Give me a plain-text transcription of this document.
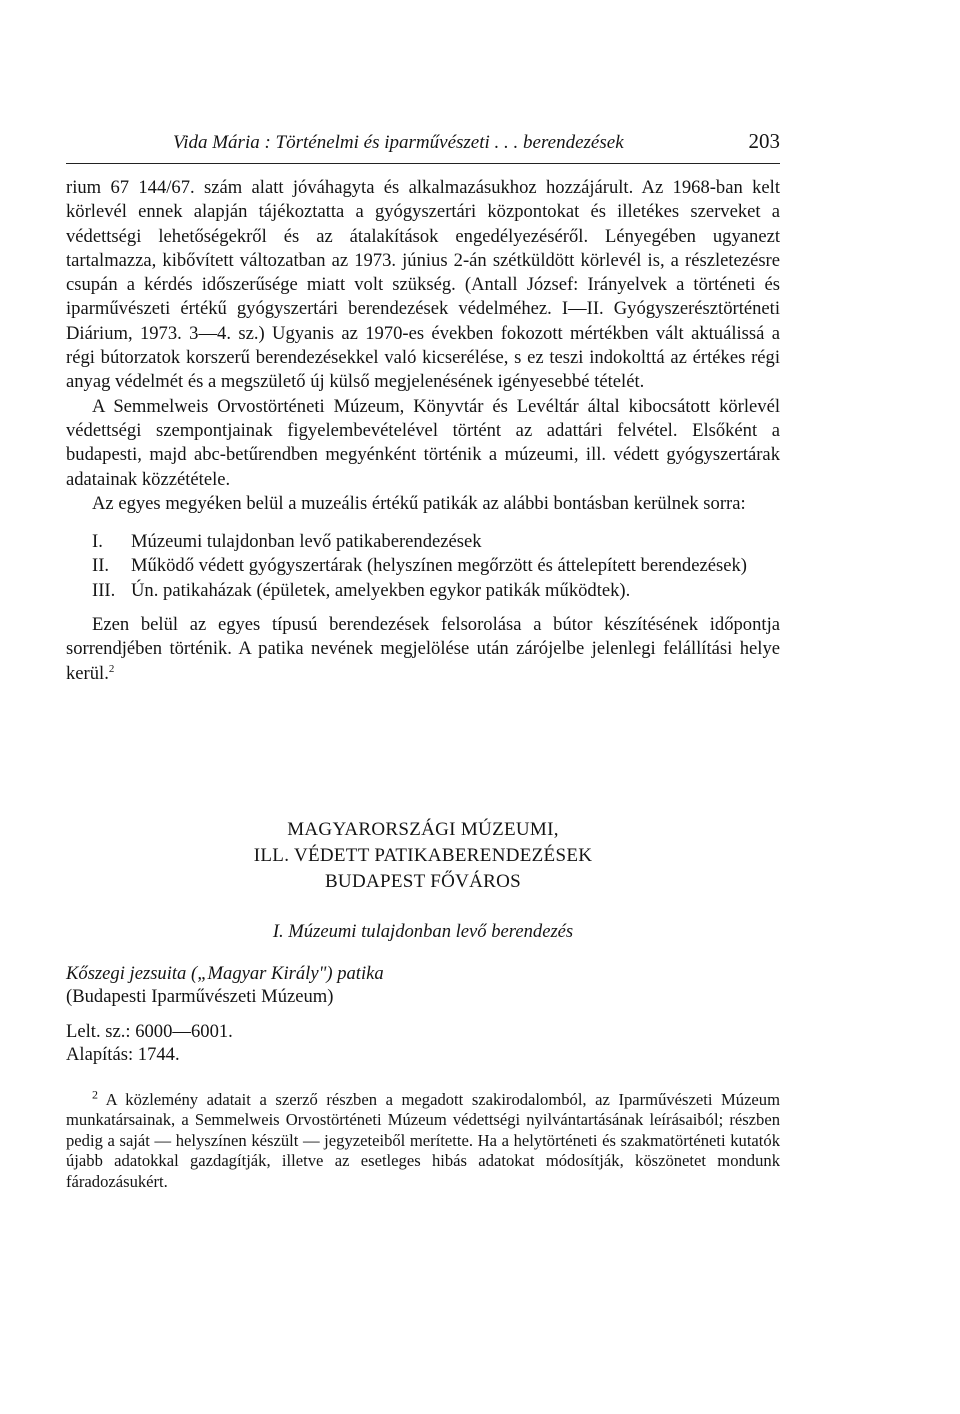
Vida Mária : Történelmi és iparművészeti . . . berendezések	203

rium 67 144/67. szám alatt jóváhagyta és alkalmazásukhoz hozzájárult. Az 1968-ban kelt körlevél ennek alapján tájékoztatta a gyógyszertári központokat és illetékes szerveket a védettségi lehetőségekről és az átalakítások engedélyezéséről. Lényegében ugyanezt tartalmazza, kibővített változatban az 1973. június 2-án szétküldött körlevél is, a részletezésre csupán a kérdés időszerűsége miatt volt szükség. (Antall József: Irányelvek a történeti és iparművészeti értékű gyógyszertári berendezések védelméhez. I—II. Gyógyszerésztörténeti Diárium, 1973. 3—4. sz.) Ugyanis az 1970-es években fokozott mértékben vált aktuálissá a régi bútorzatok korszerű berendezésekkel való kicserélése, s ez teszi indokolttá az értékes régi anyag védelmét és a megszülető új külső megjelenésének igényesebbé tételét.

A Semmelweis Orvostörténeti Múzeum, Könyvtár és Levéltár által kibocsátott körlevél védettségi szempontjainak figyelembevételével történt az adattári felvétel. Elsőként a budapesti, majd abc-betűrendben megyénként történik a múzeumi, ill. védett gyógyszertárak adatainak közzététele.

Az egyes megyéken belül a muzeális értékű patikák az alábbi bontásban kerülnek sorra:

I.	Múzeumi tulajdonban levő patikaberendezések
II.	Működő védett gyógyszertárak (helyszínen megőrzött és áttelepített berendezések)
III. Ún. patikaházak (épületek, amelyekben egykor patikák működtek).

Ezen belül az egyes típusú berendezések felsorolása a bútor készítésének időpontja sorrendjében történik. A patika nevének megjelölése után zárójelbe jelenlegi felállítási helye kerül.$^2$

MAGYARORSZÁGI MÚZEUMI,
ILL. VÉDETT PATIKABERENDEZÉSEK
BUDAPEST FŐVÁROS
I. Múzeumi tulajdonban levő berendezés
Kőszegi jezsuita („Magyar Király") patika
(Budapesti Iparművészeti Múzeum)
Lelt. sz.: 6000—6001.
Alapítás: 1744.
$^2$ A közlemény adatait a szerző részben a megadott szakirodalomból, az Iparművészeti Múzeum munkatársainak, a Semmelweis Orvostörténeti Múzeum védettségi nyilvántartásának leírásaiból; részben pedig a saját — helyszínen készült — jegyzeteiből merítette. Ha a helytörténeti és szakmatörténeti kutatók újabb adatokkal gazdagítják, illetve az esetleges hibás adatokat módosítják, köszönetet mondunk fáradozásukért.
